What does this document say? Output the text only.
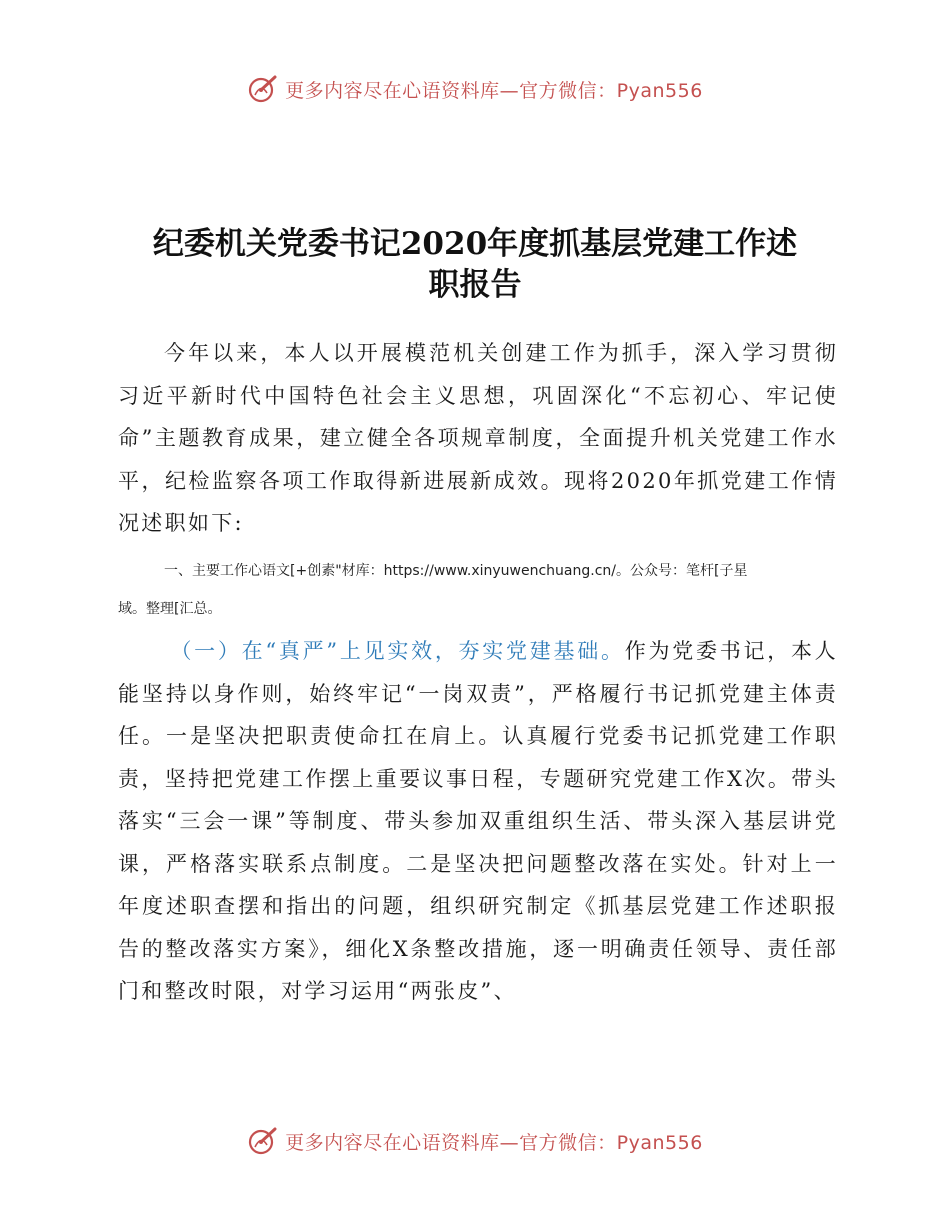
更多内容尽在心语资料库—官方微信：Pyan556
纪委机关党委书记2020年度抓基层党建工作述
职报告
今年以来，本人以开展模范机关创建工作为抓手，深入学习贯彻习近平新时代中国特色社会主义思想，巩固深化“不忘初心、牢记使命”主题教育成果，建立健全各项规章制度，全面提升机关党建工作水平，纪检监察各项工作取得新进展新成效。现将2020年抓党建工作情况述职如下:
一、主要工作心语文[+创素"材库：https://www.xinyuwenchuang.cn/。公众号：笔杆[子星
域。整理[汇总。
（一）在“真严”上见实效，夯实党建基础。作为党委书记，本人能坚持以身作则，始终牢记“一岗双责”，严格履行书记抓党建主体责任。一是坚决把职责使命扛在肩上。认真履行党委书记抓党建工作职责，坚持把党建工作摆上重要议事日程，专题研究党建工作X次。带头落实“三会一课”等制度、带头参加双重组织生活、带头深入基层讲党课，严格落实联系点制度。二是坚决把问题整改落在实处。针对上一年度述职查摆和指出的问题，组织研究制定《抓基层党建工作述职报告的整改落实方案》，细化X条整改措施，逐一明确责任领导、责任部门和整改时限，对学习运用“两张皮”、
更多内容尽在心语资料库—官方微信：Pyan556
